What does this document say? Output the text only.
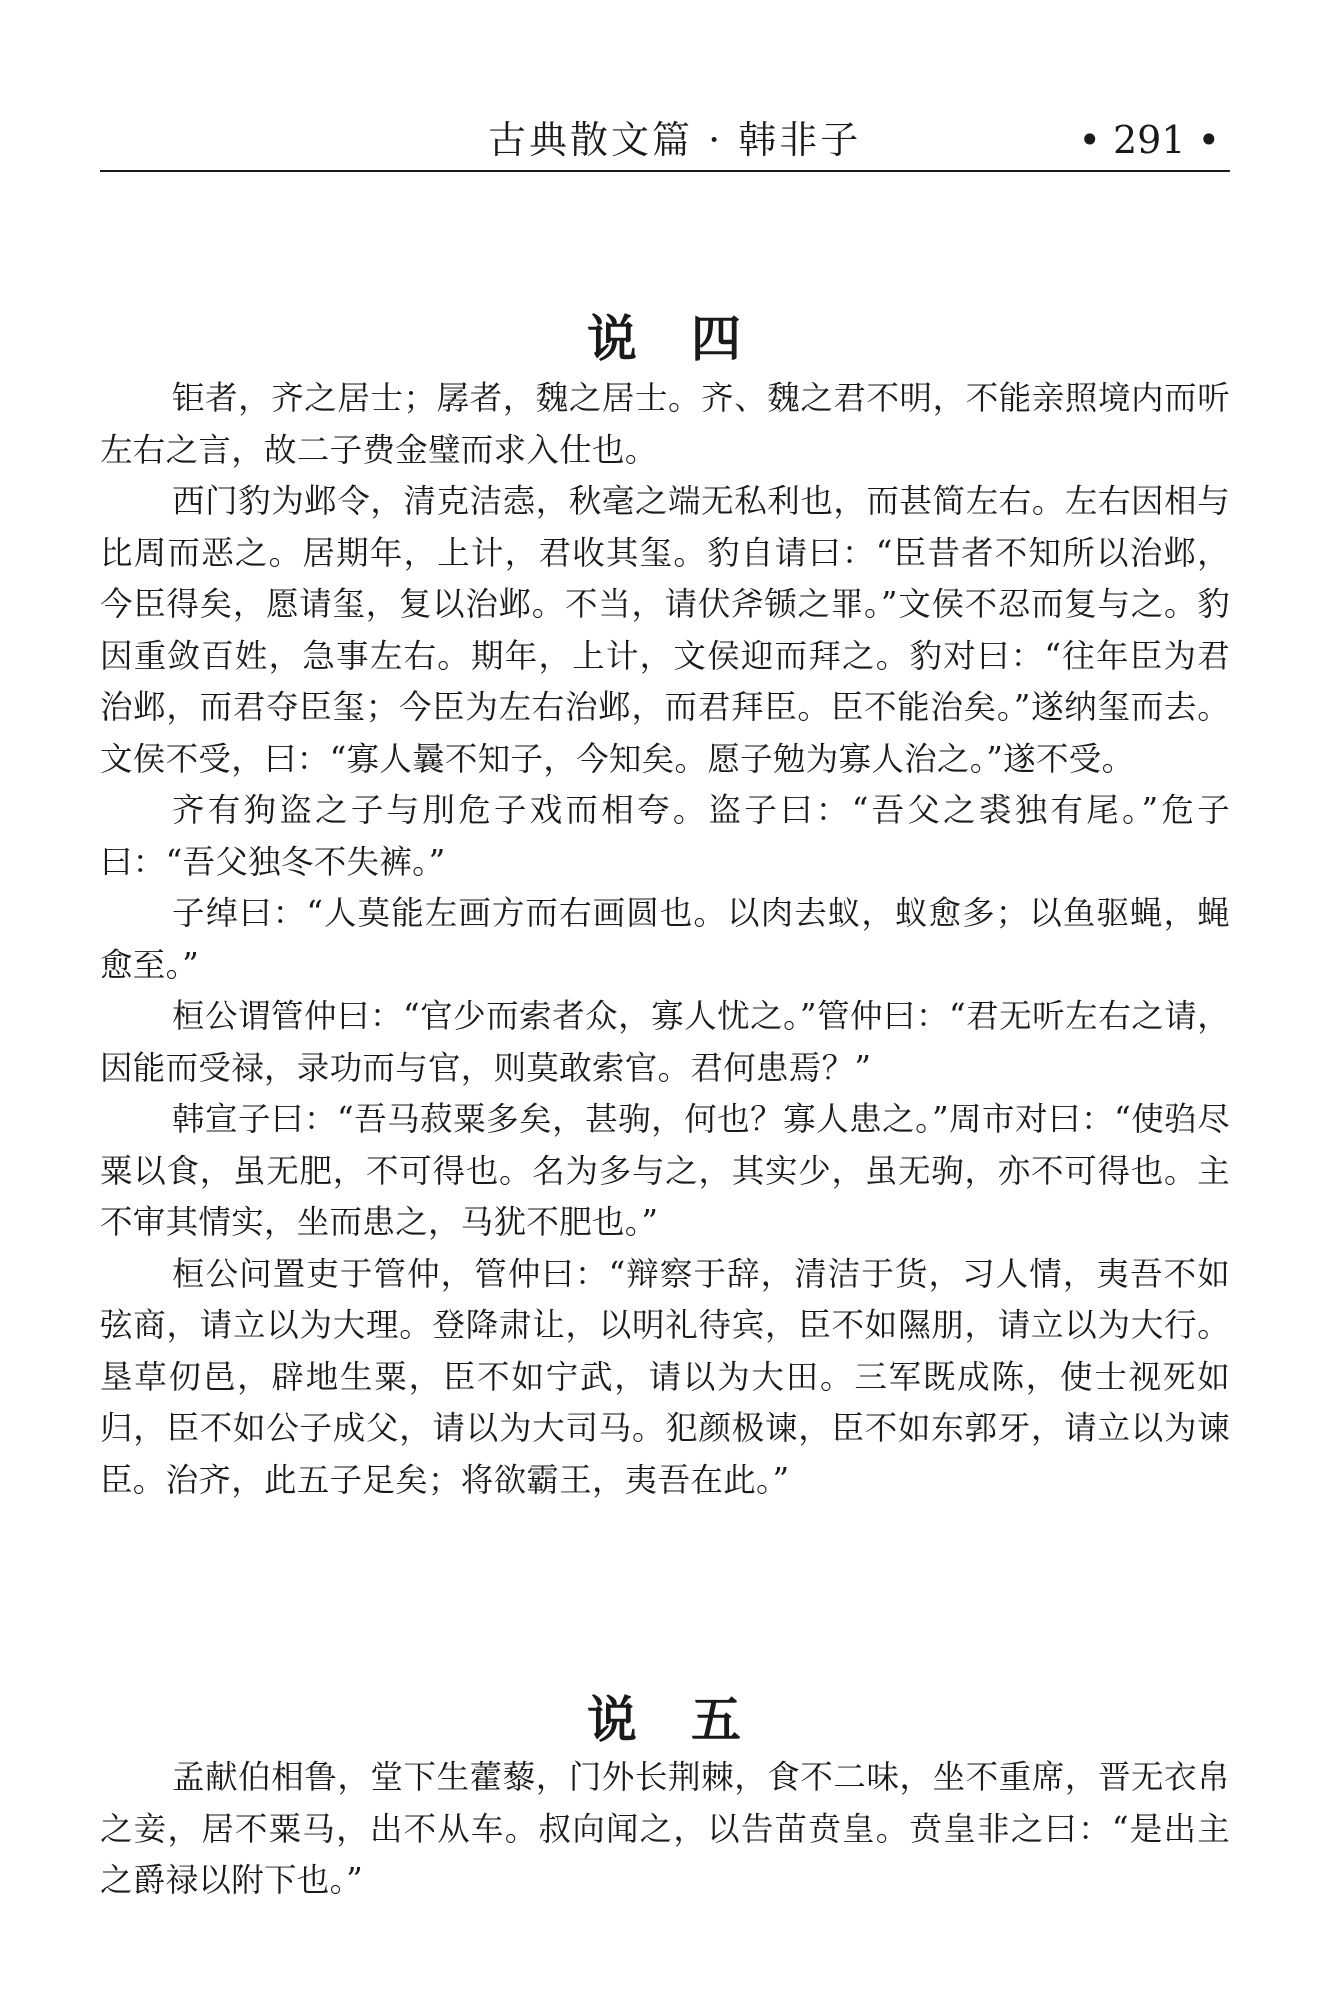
古典散文篇 · 韩非子	• 291 •
说　四

钜者，齐之居士；孱者，魏之居士。齐、魏之君不明，不能亲照境内而听左右之言，故二子费金璧而求入仕也。

西门豹为邺令，清克洁悫，秋毫之端无私利也，而甚简左右。左右因相与比周而恶之。居期年，上计，君收其玺。豹自请曰：“臣昔者不知所以治邺，今臣得矣，愿请玺，复以治邺。不当，请伏斧锧之罪。”文侯不忍而复与之。豹因重敛百姓，急事左右。期年，上计，文侯迎而拜之。豹对曰：“往年臣为君治邺，而君夺臣玺；今臣为左右治邺，而君拜臣。臣不能治矣。”遂纳玺而去。文侯不受，曰：“寡人曩不知子，今知矣。愿子勉为寡人治之。”遂不受。

齐有狗盗之子与刖危子戏而相夸。盗子曰：“吾父之裘独有尾。”危子曰：“吾父独冬不失裤。”

子绰曰：“人莫能左画方而右画圆也。以肉去蚁，蚁愈多；以鱼驱蝇，蝇愈至。”

桓公谓管仲曰：“官少而索者众，寡人忧之。”管仲曰：“君无听左右之请，因能而受禄，录功而与官，则莫敢索官。君何患焉？”

韩宣子曰：“吾马菽粟多矣，甚驹，何也？寡人患之。”周市对曰：“使驺尽粟以食，虽无肥，不可得也。名为多与之，其实少，虽无驹，亦不可得也。主不审其情实，坐而患之，马犹不肥也。”

桓公问置吏于管仲，管仲曰：“辩察于辞，清洁于货，习人情，夷吾不如弦商，请立以为大理。登降肃让，以明礼待宾，臣不如隰朋，请立以为大行。垦草仞邑，辟地生粟，臣不如宁武，请以为大田。三军既成陈，使士视死如归，臣不如公子成父，请以为大司马。犯颜极谏，臣不如东郭牙，请立以为谏臣。治齐，此五子足矣；将欲霸王，夷吾在此。”

说　五

孟献伯相鲁，堂下生藿藜，门外长荆棘，食不二味，坐不重席，晋无衣帛之妾，居不粟马，出不从车。叔向闻之，以告苗贲皇。贲皇非之曰：“是出主之爵禄以附下也。”
